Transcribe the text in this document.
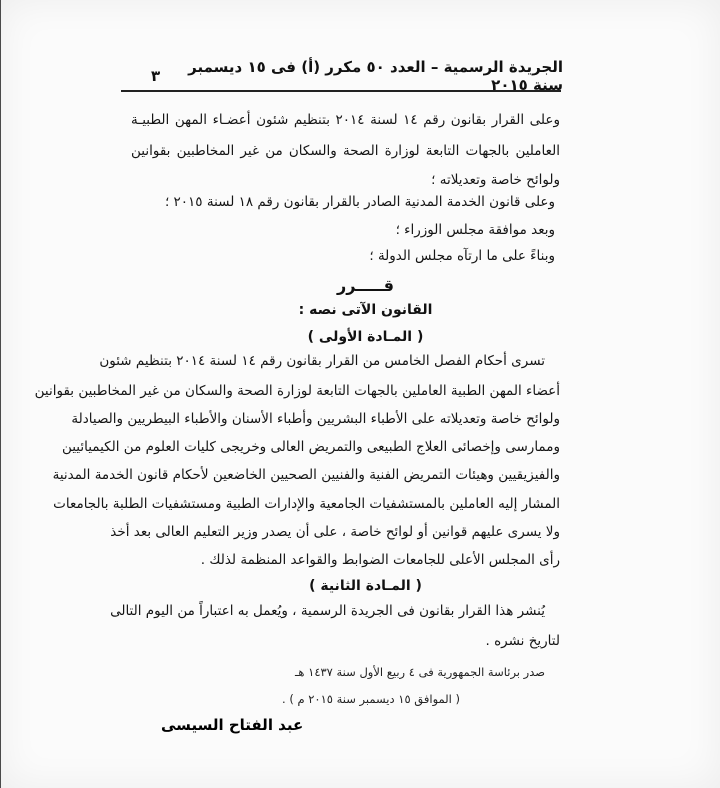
٣	الجريدة الرسمية – العدد ٥٠ مكرر (أ) فى ١٥ ديسمبر سنة ٢٠١٥
وعلى القرار بقانون رقم ١٤ لسنة ٢٠١٤ بتنظيم شئون أعضـاء المهن الطبيـة
العاملين بالجهات التابعة لوزارة الصحة والسكان من غير المخاطبين بقوانين
ولوائح خاصة وتعديلاته ؛
وعلى قانون الخدمة المدنية الصادر بالقرار بقانون رقم ١٨ لسنة ٢٠١٥ ؛
وبعد موافقة مجلس الوزراء ؛
وبناءً على ما ارتآه مجلس الدولة ؛
قـــــرر
القانون الآتى نصه :
( المـادة الأولى )
تسرى أحكام الفصل الخامس من القرار بقانون رقم ١٤ لسنة ٢٠١٤ بتنظيم شئون
أعضاء المهن الطبية العاملين بالجهات التابعة لوزارة الصحة والسكان من غير المخاطبين بقوانين
ولوائح خاصة وتعديلاته على الأطباء البشريين وأطباء الأسنان والأطباء البيطريين والصيادلة
وممارسى وإخصائى العلاج الطبيعى والتمريض العالى وخريجى كليات العلوم من الكيميائيين
والفيزيقيين وهيئات التمريض الفنية والفنيين الصحيين الخاضعين لأحكام قانون الخدمة المدنية
المشار إليه العاملين بالمستشفيات الجامعية والإدارات الطبية ومستشفيات الطلبة بالجامعات
ولا يسرى عليهم قوانين أو لوائح خاصة ، على أن يصدر وزير التعليم العالى بعد أخذ
رأى المجلس الأعلى للجامعات الضوابط والقواعد المنظمة لذلك .
( المـادة الثانية )
يُنشر هذا القرار بقانون فى الجريدة الرسمية ، ويُعمل به اعتباراً من اليوم التالى
لتاريخ نشره .
صدر برئاسة الجمهورية فى ٤ ربيع الأول سنة ١٤٣٧ هـ
( الموافق ١٥ ديسمبر سنة ٢٠١٥ م ) .
عبد الفتاح السيسى
